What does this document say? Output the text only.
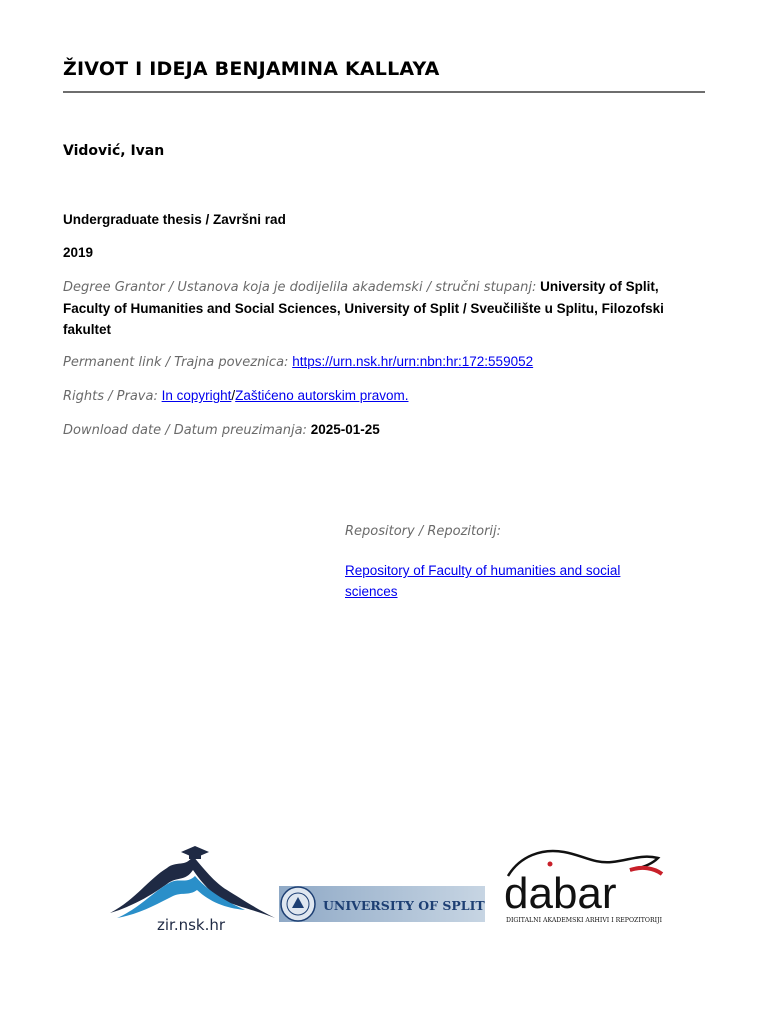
ŽIVOT I IDEJA BENJAMINA KALLAYA
Vidović, Ivan
Undergraduate thesis / Završni rad
2019
Degree Grantor / Ustanova koja je dodijelila akademski / stručni stupanj: University of Split, Faculty of Humanities and Social Sciences, University of Split / Sveučilište u Splitu, Filozofski fakultet
Permanent link / Trajna poveznica: https://urn.nsk.hr/urn:nbn:hr:172:559052
Rights / Prava: In copyright/Zaštićeno autorskim pravom.
Download date / Datum preuzimanja: 2025-01-25
Repository / Repozitorij:
Repository of Faculty of humanities and social sciences
zir.nsk.hr
UNIVERSITY OF SPLIT dabar
DIGITALNI AKADEMSKI ARHIVI I REPOZITORIJI
